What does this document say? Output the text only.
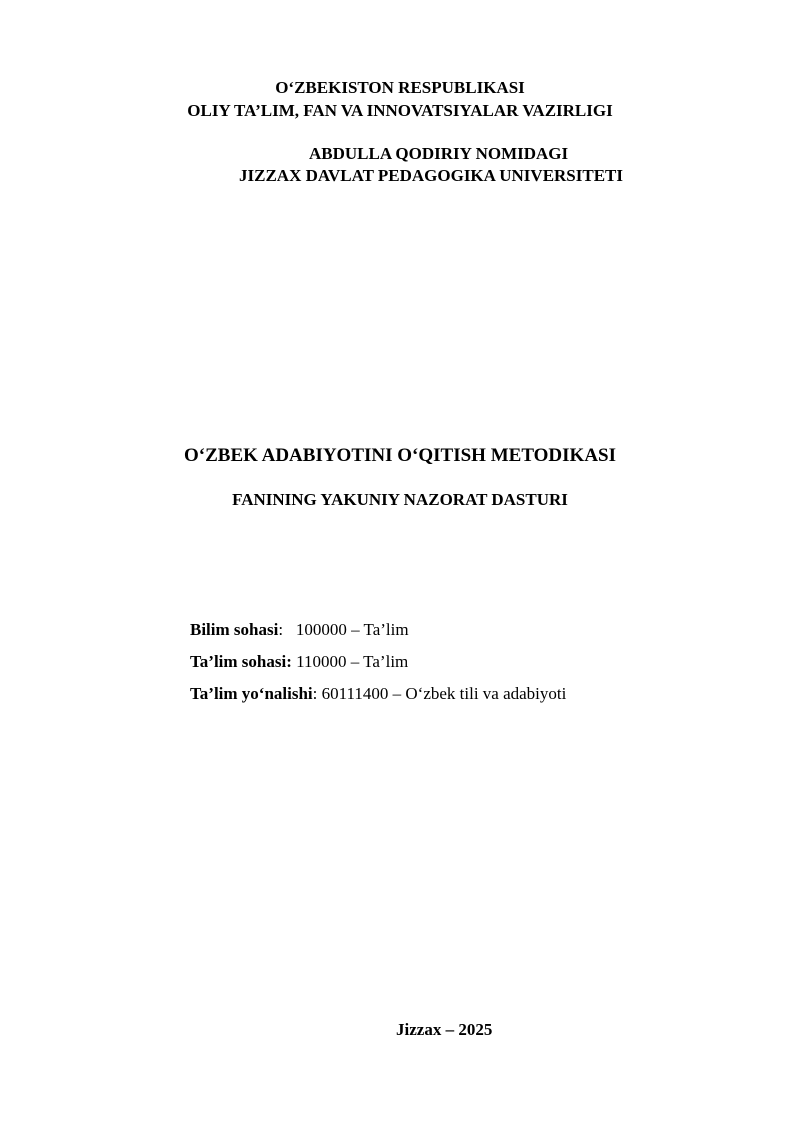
O‘ZBEKISTON RESPUBLIKASI
OLIY TA’LIM, FAN VA INNOVATSIYALAR VAZIRLIGI
ABDULLA QODIRIY NOMIDAGI
JIZZAX DAVLAT PEDAGOGIKA UNIVERSITETI
O‘ZBEK ADABIYOTINI O‘QITISH METODIKASI
FANINING YAKUNIY NAZORAT DASTURI
Bilim sohasi:   100000 – Ta’lim
Ta’lim sohasi: 110000 – Ta’lim
Ta’lim yo‘nalishi: 60111400 – O‘zbek tili va adabiyoti
Jizzax – 2025
